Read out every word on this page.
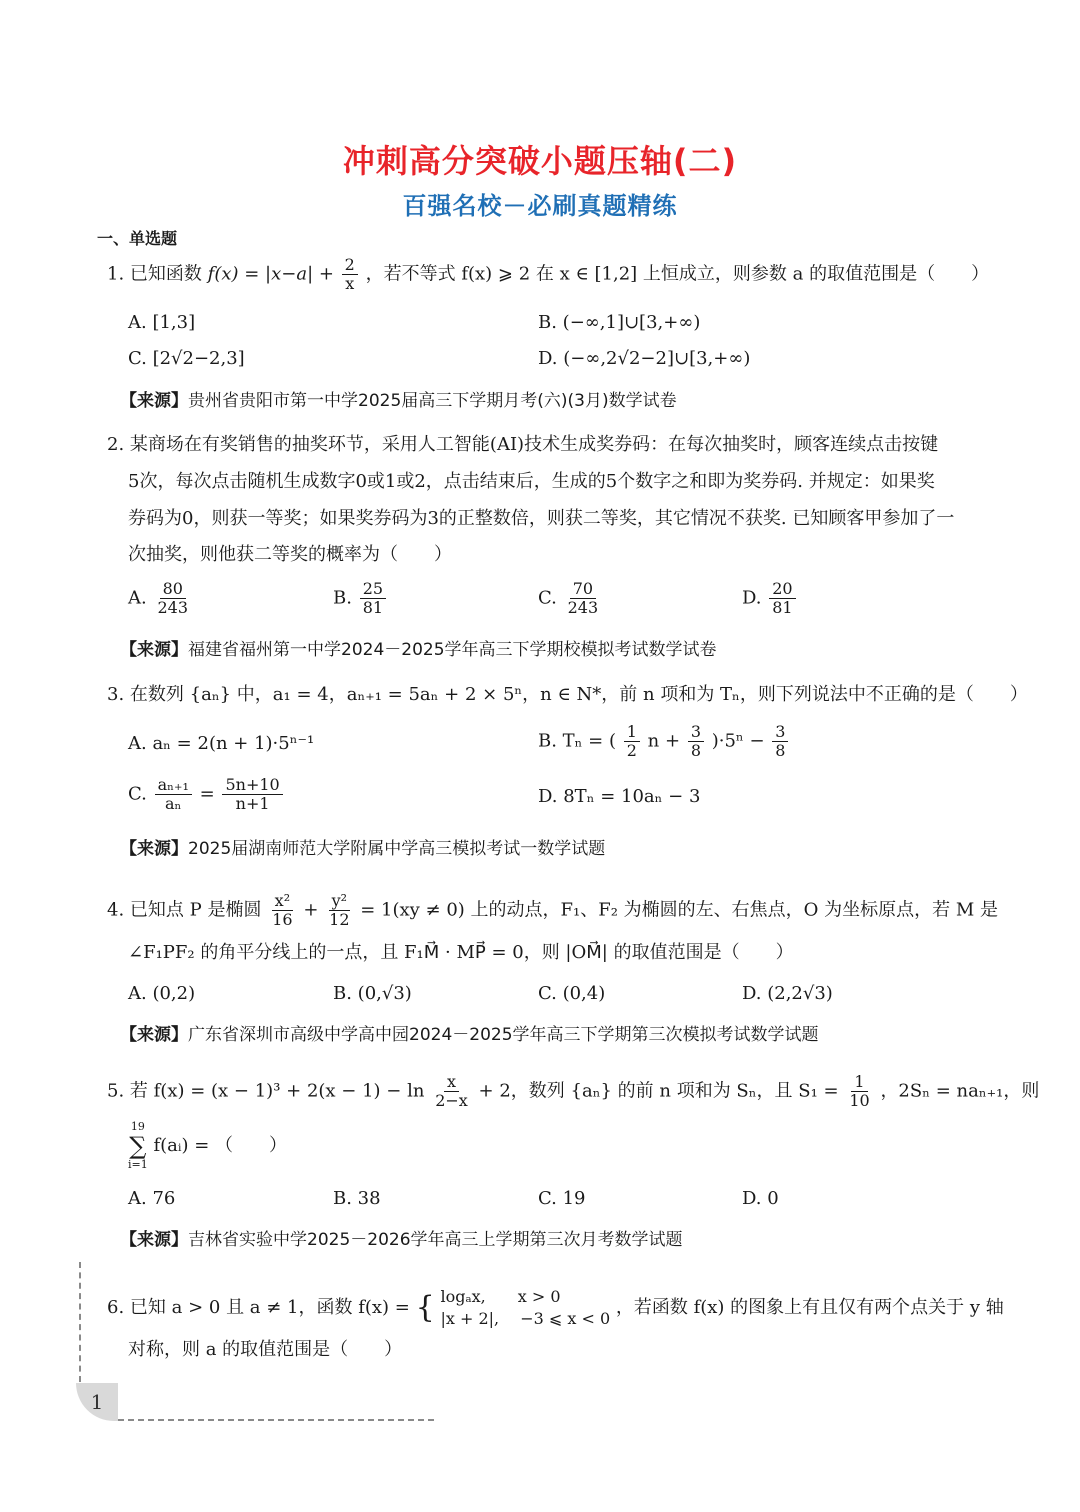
冲刺高分突破小题压轴(二)
百强名校－必刷真题精练
一、单选题
1. 已知函数 $f(x) = |x-a| + \frac{2}{x}$ ，若不等式 f(x) ⩾ 2 在 x ∈ [1,2] 上恒成立，则参数 a 的取值范围是（　　）
A. [1,3]	B. (−∞,1]∪[3,+∞)
C. [2√2−2,3]	D. (−∞,2√2−2]∪[3,+∞)
【来源】贵州省贵阳市第一中学2025届高三下学期月考(六)(3月)数学试卷
2. 某商场在有奖销售的抽奖环节，采用人工智能(AI)技术生成奖券码：在每次抽奖时，顾客连续点击按键
5次，每次点击随机生成数字0或1或2，点击结束后，生成的5个数字之和即为奖券码. 并规定：如果奖
券码为0，则获一等奖；如果奖券码为3的正整数倍，则获二等奖，其它情况不获奖. 已知顾客甲参加了一
次抽奖，则他获二等奖的概率为（　　）
A. $\frac{80}{243}$	B. $\frac{25}{81}$	C. $\frac{70}{243}$	D. $\frac{20}{81}$
【来源】福建省福州第一中学2024－2025学年高三下学期校模拟考试数学试卷
3. 在数列 {aₙ} 中，a₁ = 4，aₙ₊₁ = 5aₙ + 2 × 5ⁿ，n ∈ N*，前 n 项和为 Tₙ，则下列说法中不正确的是（　　）
A. aₙ = 2(n + 1)·5ⁿ⁻¹	B. Tₙ = ( $\frac{1}{2}$ $n + \frac{3}{8} )\cdot 5^n - \frac{3}{8}$
C. $\frac{\text{aₙ₊₁}}{\text{aₙ}} = \frac{5n+10}{n+1}$	D. 8Tₙ = 10aₙ − 3
【来源】2025届湖南师范大学附属中学高三模拟考试一数学试题
4. 已知点 P 是椭圆 $\frac{\text{x²}}{16} + \frac{\text{y²}}{12} = 1(xy \ne 0)$ 上的动点，F₁、F₂ 为椭圆的左、右焦点，O 为坐标原点，若 M 是
∠F₁PF₂ 的角平分线上的一点，且 F₁M⃗ · MP⃗ = 0，则 |OM⃗| 的取值范围是（　　）
A. (0,2)	B. (0,√3)	C. (0,4)	D. (2,2√3)
【来源】广东省深圳市高级中学高中园2024－2025学年高三下学期第三次模拟考试数学试题
5. 若 $f(x) = (x - 1)^3 + 2(x - 1) - \ln \frac{x}{2-x} + 2$，数列 {aₙ} 的前 n 项和为 Sₙ，且 $S_1 = \frac{1}{10}$ ，2Sₙ = naₙ₊₁，则
19
∑
i=1
f(aᵢ) = （　　）
A. 76	B. 38	C. 19	D. 0
【来源】吉林省实验中学2025－2026学年高三上学期第三次月考数学试题
6. 已知 a > 0 且 a ≠ 1，函数 f(x) = { logₐx,　　x > 0
|x + 2|,　 −3 ⩽ x < 0
，若函数 f(x) 的图象上有且仅有两个点关于 y 轴
对称，则 a 的取值范围是（　　）
1
